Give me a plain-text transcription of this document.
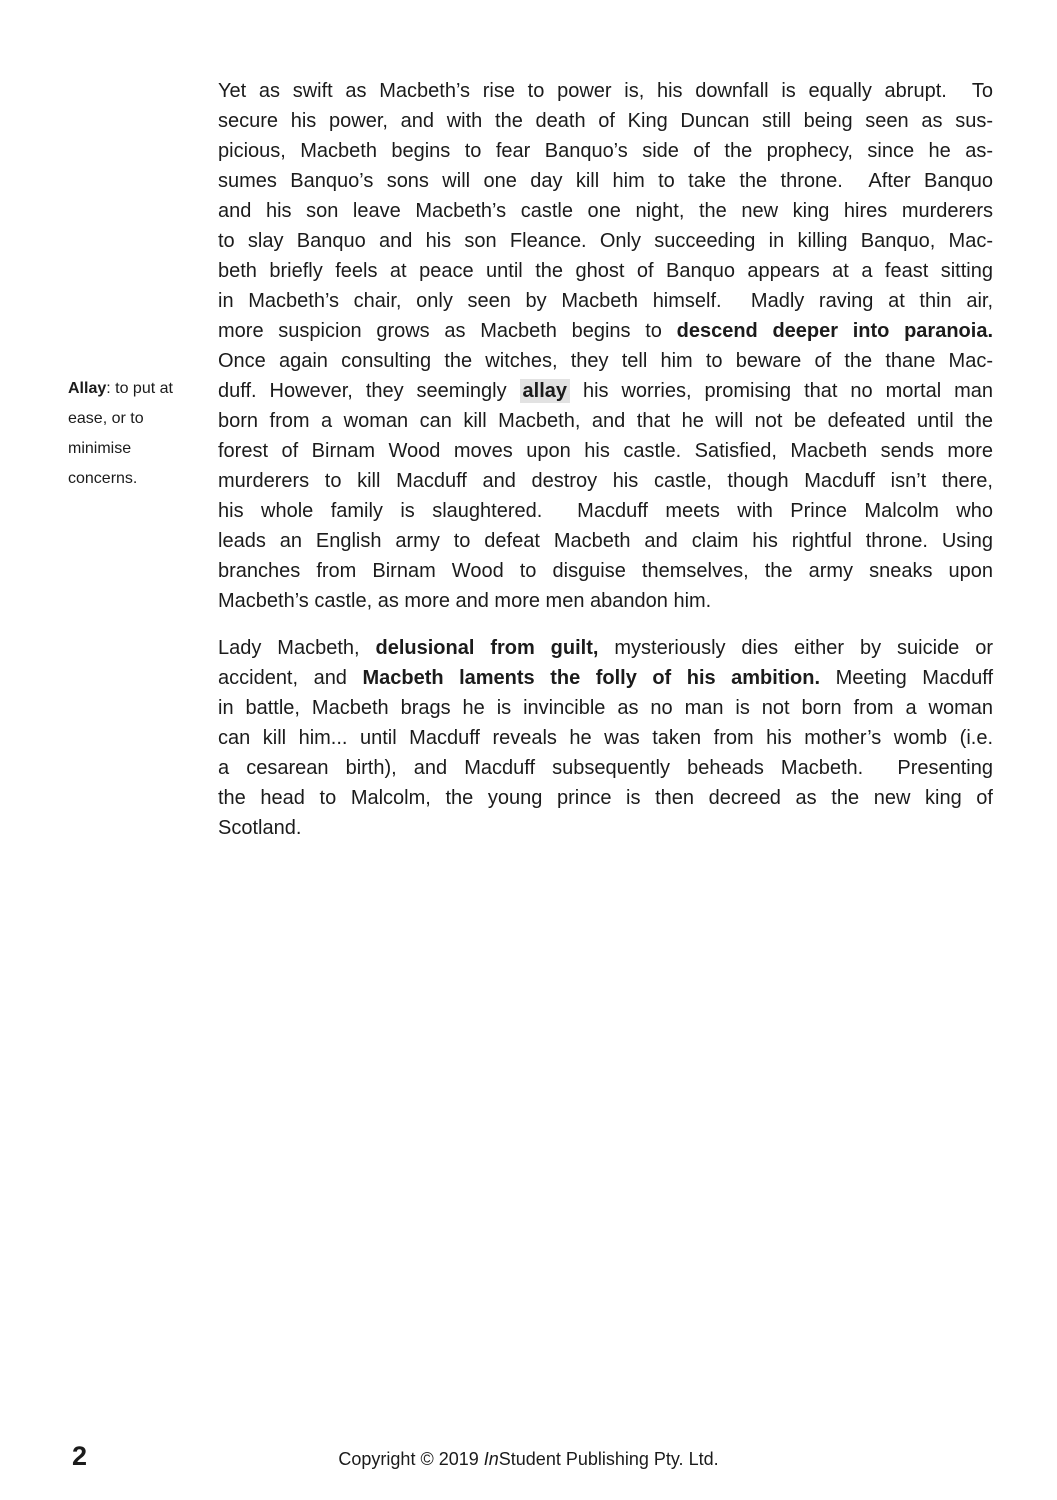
Allay: to put at
ease, or to
minimise
concerns.
Yet as swift as Macbeth’s rise to power is, his downfall is equally abrupt.  To
secure his power, and with the death of King Duncan still being seen as sus-
picious, Macbeth begins to fear Banquo’s side of the prophecy, since he as-
sumes Banquo’s sons will one day kill him to take the throne.  After Banquo
and his son leave Macbeth’s castle one night, the new king hires murderers
to slay Banquo and his son Fleance. Only succeeding in killing Banquo, Mac-
beth briefly feels at peace until the ghost of Banquo appears at a feast sitting
in Macbeth’s chair, only seen by Macbeth himself.  Madly raving at thin air,
more suspicion grows as Macbeth begins to descend deeper into paranoia.
Once again consulting the witches, they tell him to beware of the thane Mac-
duff. However, they seemingly allay his worries, promising that no mortal man
born from a woman can kill Macbeth, and that he will not be defeated until the
forest of Birnam Wood moves upon his castle. Satisfied, Macbeth sends more
murderers to kill Macduff and destroy his castle, though Macduff isn’t there,
his whole family is slaughtered.  Macduff meets with Prince Malcolm who
leads an English army to defeat Macbeth and claim his rightful throne. Using
branches from Birnam Wood to disguise themselves, the army sneaks upon
Macbeth’s castle, as more and more men abandon him.
Lady Macbeth, delusional from guilt, mysteriously dies either by suicide or
accident, and Macbeth laments the folly of his ambition. Meeting Macduff
in battle, Macbeth brags he is invincible as no man is not born from a woman
can kill him... until Macduff reveals he was taken from his mother’s womb (i.e.
a cesarean birth), and Macduff subsequently beheads Macbeth.  Presenting
the head to Malcolm, the young prince is then decreed as the new king of
Scotland.
2	Copyright © 2019 InStudent Publishing Pty. Ltd.
